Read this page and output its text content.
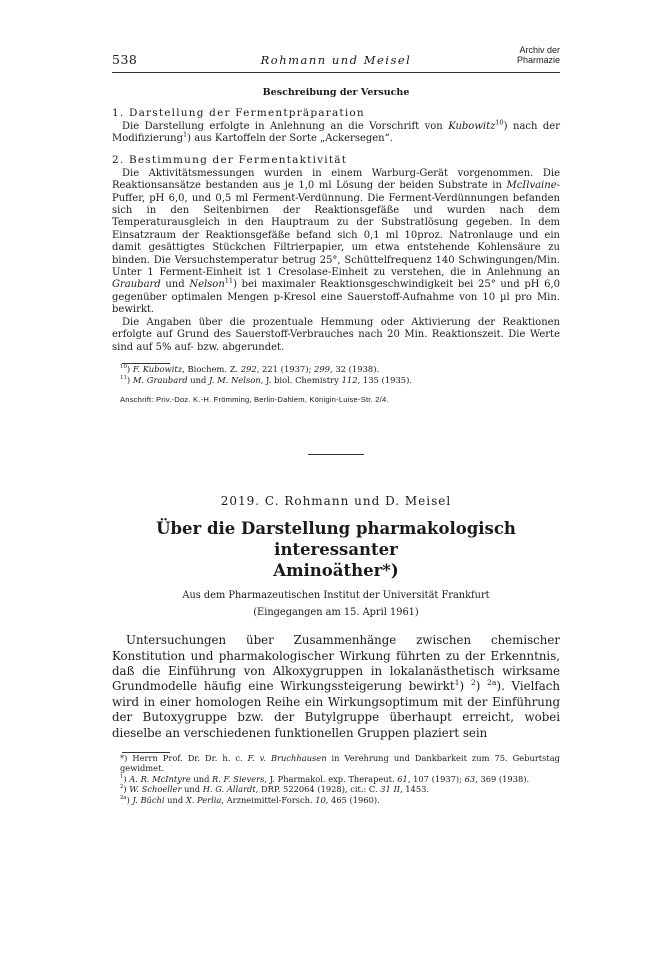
538	Rohmann und Meisel
Archiv der
Pharmazie
Beschreibung der Versuche
1. Darstellung der Fermentpräparation

Die Darstellung erfolgte in Anlehnung an die Vorschrift von Kubowitz$^{10}$) nach der Modifizierung$^1$) aus Kartoffeln der Sorte „Ackersegen“.

2. Bestimmung der Fermentaktivität

Die Aktivitätsmessungen wurden in einem Warburg-Gerät vorgenommen. Die Reaktionsansätze bestanden aus je 1,0 ml Lösung der beiden Substrate in McIlvaine-Puffer, pH 6,0, und 0,5 ml Ferment-Verdünnung. Die Ferment-Verdünnungen befanden sich in den Seitenbirnen der Reaktionsgefäße und wurden nach dem Temperaturausgleich in den Hauptraum zu der Substratlösung gegeben. In dem Einsatzraum der Reaktionsgefäße befand sich 0,1 ml 10proz. Natronlauge und ein damit gesättigtes Stückchen Filtrierpapier, um etwa entstehende Kohlensäure zu binden. Die Versuchstemperatur betrug 25°, Schüttelfrequenz 140 Schwingungen/Min. Unter 1 Ferment-Einheit ist 1 Cresolase-Einheit zu verstehen, die in Anlehnung an Graubard und Nelson$^{11}$) bei maximaler Reaktionsgeschwindigkeit bei 25° und pH 6,0 gegenüber optimalen Mengen p-Kresol eine Sauerstoff-Aufnahme von 10 µl pro Min. bewirkt.

Die Angaben über die prozentuale Hemmung oder Aktivierung der Reaktionen erfolgte auf Grund des Sauerstoff-Verbrauches nach 20 Min. Reaktionszeit. Die Werte sind auf 5% auf- bzw. abgerundet.

$^{10}$) F. Kubowitz, Biochem. Z. 292, 221 (1937); 299, 32 (1938).

$^{11}$) M. Graubard und J. M. Nelson, J. biol. Chemistry 112, 135 (1935).

Anschrift: Priv.-Doz. K.-H. Frömming, Berlin-Dahlem, Königin-Luise-Str. 2/4.
2019. C. Rohmann und D. Meisel
Über die Darstellung pharmakologisch interessanter
Aminoäther*)
Aus dem Pharmazeutischen Institut der Universität Frankfurt
(Eingegangen am 15. April 1961)

Untersuchungen über Zusammenhänge zwischen chemischer Konstitution und pharmakologischer Wirkung führten zu der Erkenntnis, daß die Einführung von Alkoxygruppen in lokalanästhetisch wirksame Grundmodelle häufig eine Wirkungssteigerung bewirkt$^1$) $^2$) $^{2a}$). Vielfach wird in einer homologen Reihe ein Wirkungsoptimum mit der Einführung der Butoxygruppe bzw. der Butylgruppe überhaupt erreicht, wobei dieselbe an verschiedenen funktionellen Gruppen plaziert sein

*) Herrn Prof. Dr. Dr. h. c. F. v. Bruchhausen in Verehrung und Dankbarkeit zum 75. Geburtstag gewidmet.

$^1$) A. R. McIntyre und R. F. Sievers, J. Pharmakol. exp. Therapeut. 61, 107 (1937); 63, 369 (1938).

$^2$) W. Schoeller und H. G. Allardt, DRP. 522064 (1928), cit.: C. 31 II, 1453.

$^{2a}$) J. Büchi und X. Perlia, Arzneimittel-Forsch. 10, 465 (1960).
